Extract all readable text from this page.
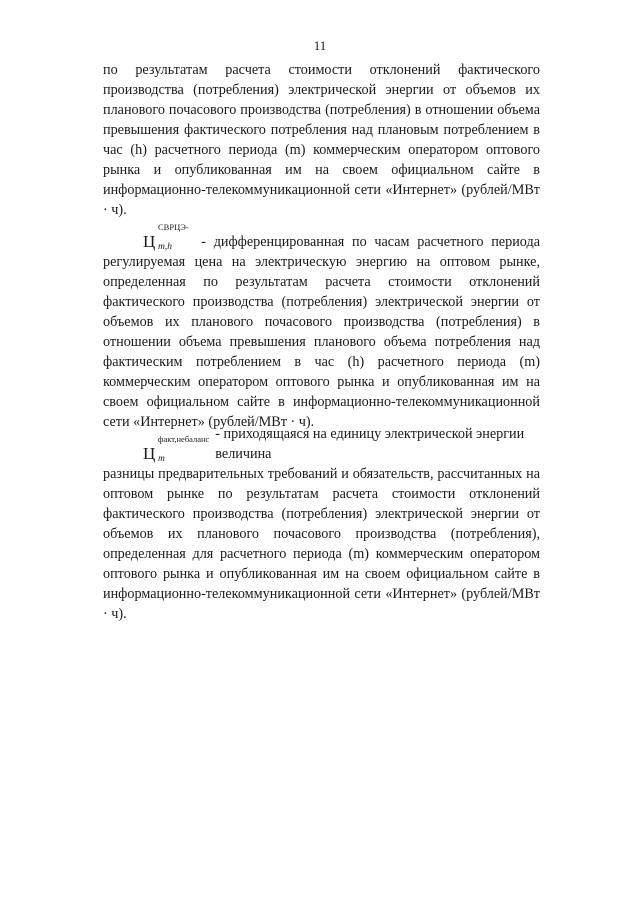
11

по результатам расчета стоимости отклонений фактического производства (потребления) электрической энергии от объемов их планового почасового производства (потребления) в отношении объема превышения фактического потребления над плановым потреблением в час (h) расчетного периода (m) коммерческим оператором оптового рынка и опубликованная им на своем официальном сайте в информационно-телекоммуникационной сети «Интернет» (рублей/МВт · ч).

Ц
СВРЦЭ-
m,h - дифференцированная по часам расчетного периода

регулируемая цена на электрическую энергию на оптовом рынке, определенная по результатам расчета стоимости отклонений фактического производства (потребления) электрической энергии от объемов их планового почасового производства (потребления) в отношении объема превышения планового объема потребления над фактическим потреблением в час (h) расчетного периода (m) коммерческим оператором оптового рынка и опубликованная им на своем официальном сайте в информационно-телекоммуникационной сети «Интернет» (рублей/МВт · ч).

Ц
факт,небаланс
m
- приходящаяся на единицу электрической энергии величина

разницы предварительных требований и обязательств, рассчитанных на оптовом рынке по результатам расчета стоимости отклонений фактического производства (потребления) электрической энергии от объемов их планового почасового производства (потребления), определенная для расчетного периода (m) коммерческим оператором оптового рынка и опубликованная им на своем официальном сайте в информационно-телекоммуникационной сети «Интернет» (рублей/МВт · ч).
